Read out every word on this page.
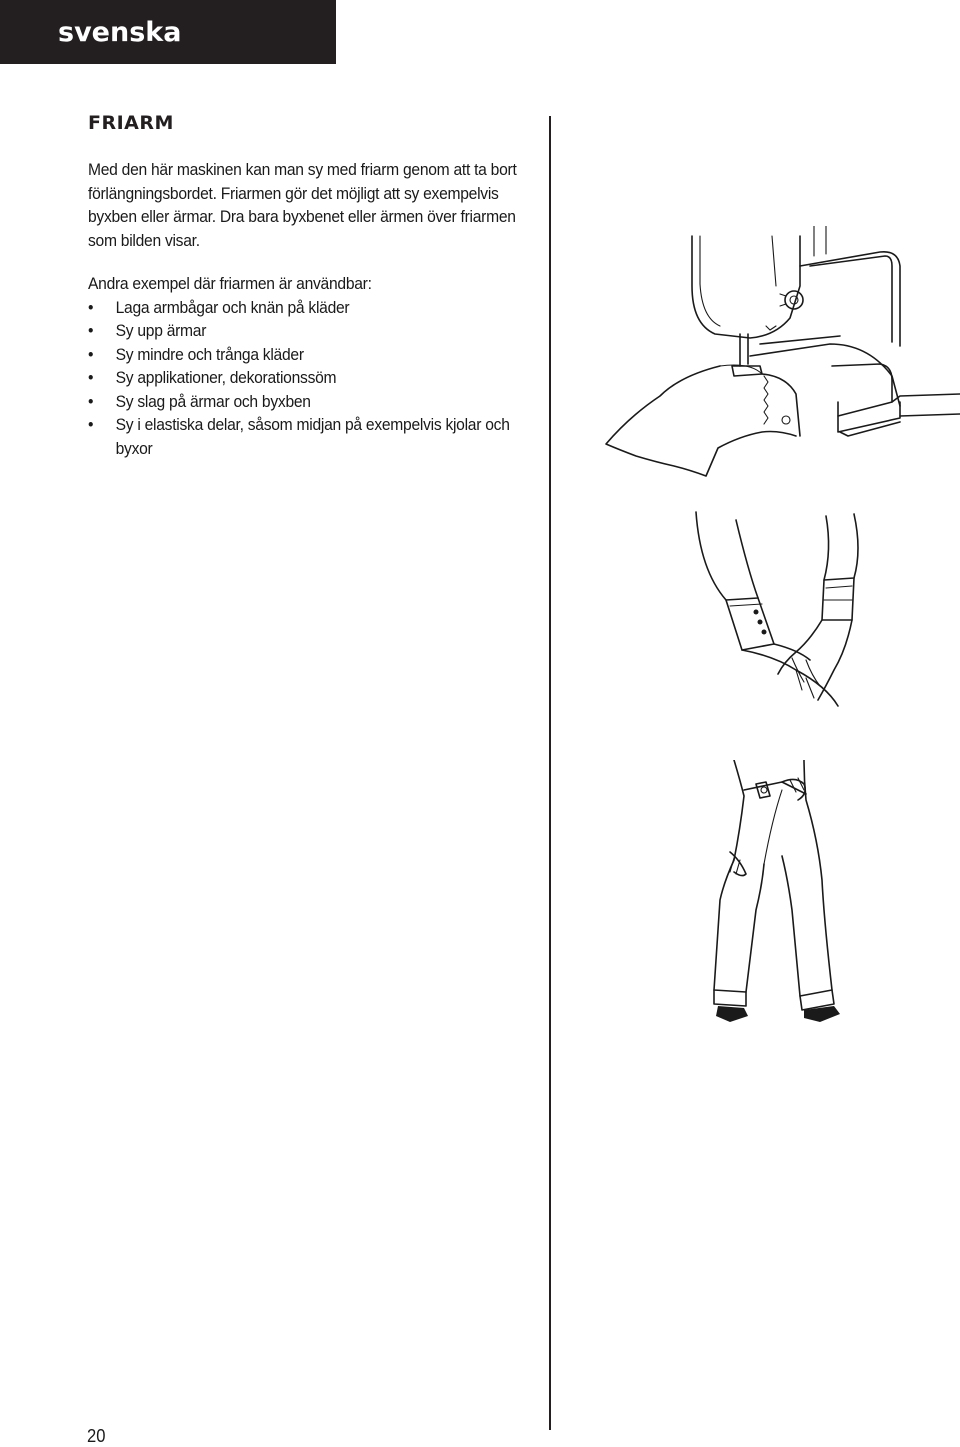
svenska
FRIARM
Med den här maskinen kan man sy med friarm genom att ta bort
förlängningsbordet. Friarmen gör det möjligt att sy exempelvis
byxben eller ärmar. Dra bara byxbenet eller ärmen över friarmen
som bilden visar.
Andra exempel där friarmen är användbar:
• Laga armbågar och knän på kläder
• Sy upp ärmar
• Sy mindre och trånga kläder
• Sy applikationer, dekorationssöm
• Sy slag på ärmar och byxben
• Sy i elastiska delar, såsom midjan på exempelvis kjolar och byxor
20
